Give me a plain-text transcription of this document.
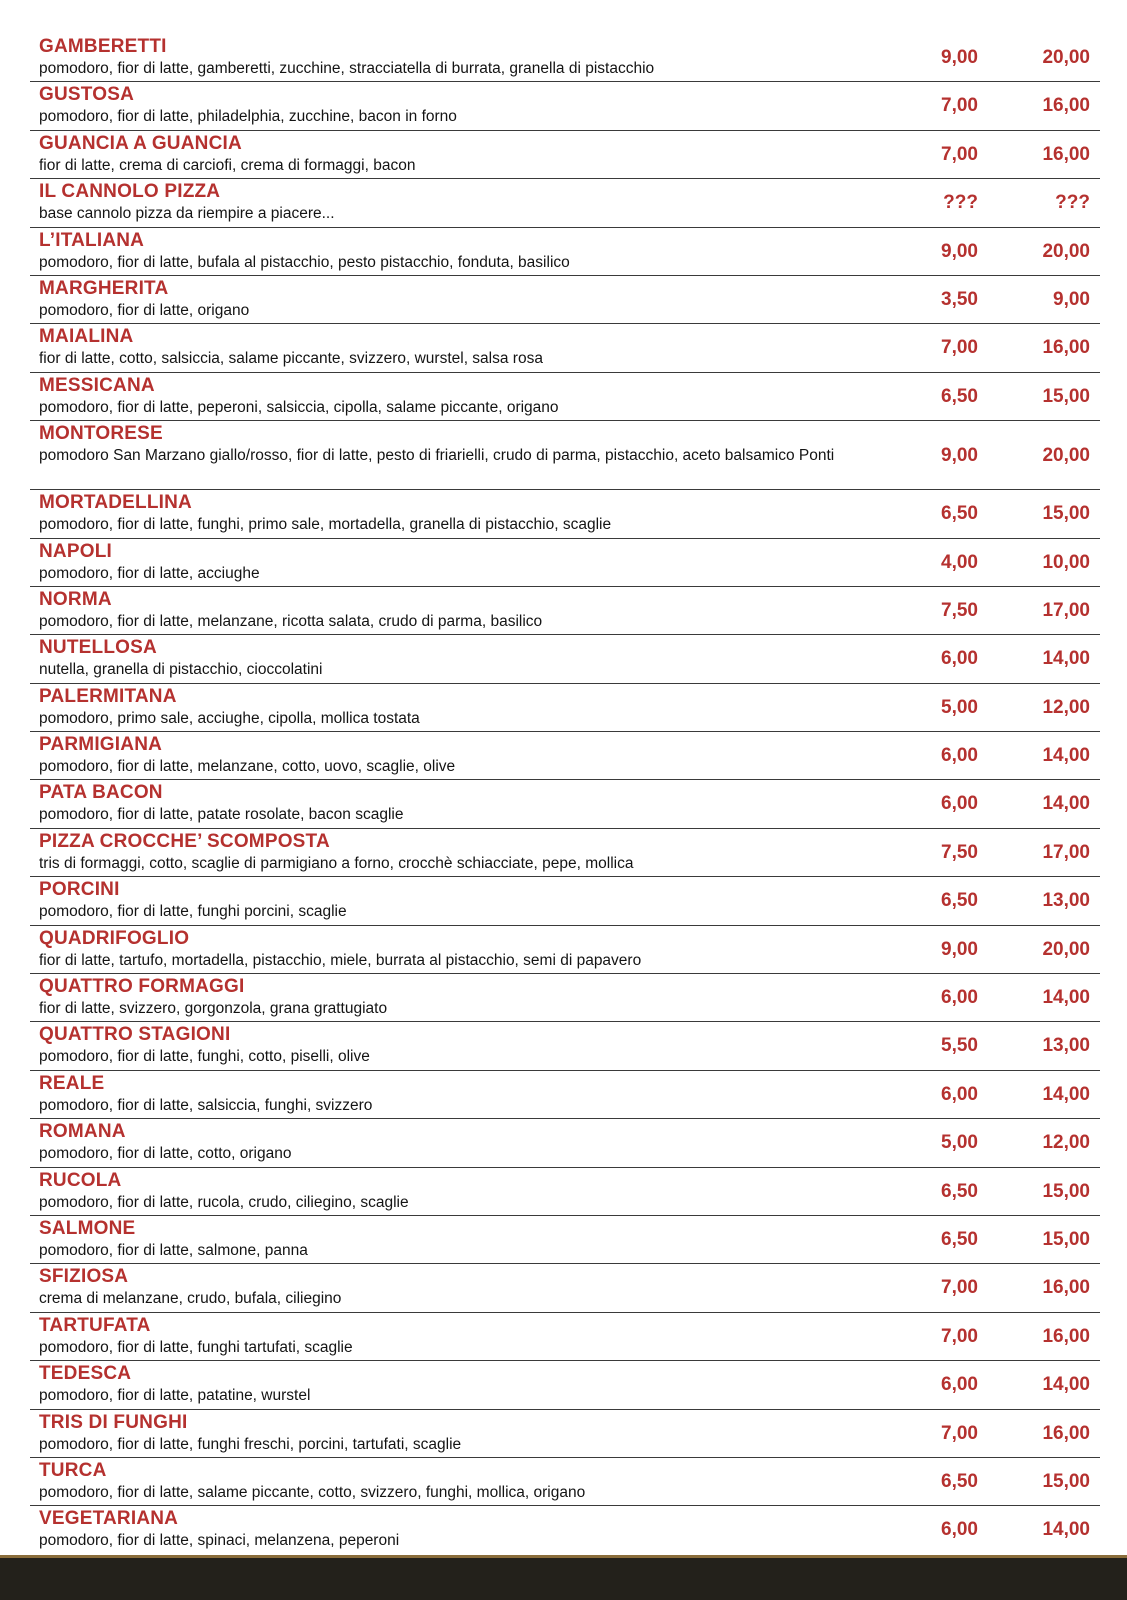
GAMBERETTI
pomodoro, fior di latte, gamberetti, zucchine, stracciatella di burrata, granella di pistacchio
9,00	20,00
GUSTOSA
pomodoro, fior di latte, philadelphia, zucchine, bacon in forno
7,00	16,00
GUANCIA A GUANCIA
fior di latte, crema di carciofi, crema di formaggi, bacon
7,00	16,00
IL CANNOLO PIZZA
base cannolo pizza da riempire a piacere...
???	???
L’ITALIANA
pomodoro, fior di latte, bufala al pistacchio, pesto pistacchio, fonduta, basilico
9,00	20,00
MARGHERITA
pomodoro, fior di latte, origano
3,50	9,00
MAIALINA
fior di latte, cotto, salsiccia, salame piccante, svizzero, wurstel, salsa rosa
7,00	16,00
MESSICANA
pomodoro, fior di latte, peperoni, salsiccia, cipolla, salame piccante, origano
6,50	15,00
MONTORESE
pomodoro San Marzano giallo/rosso, fior di latte, pesto di friarielli, crudo di parma, pistacchio, aceto balsamico Ponti	9,00	20,00
MORTADELLINA
pomodoro, fior di latte, funghi, primo sale, mortadella, granella di pistacchio, scaglie
6,50	15,00
NAPOLI
pomodoro, fior di latte, acciughe
4,00	10,00
NORMA
pomodoro, fior di latte, melanzane, ricotta salata, crudo di parma, basilico
7,50	17,00
NUTELLOSA
nutella, granella di pistacchio, cioccolatini
6,00	14,00
PALERMITANA
pomodoro, primo sale, acciughe, cipolla, mollica tostata
5,00	12,00
PARMIGIANA
pomodoro, fior di latte, melanzane, cotto, uovo, scaglie, olive
6,00	14,00
PATA BACON
pomodoro, fior di latte, patate rosolate, bacon scaglie
6,00	14,00
PIZZA CROCCHE’ SCOMPOSTA
tris di formaggi, cotto, scaglie di parmigiano a forno, crocchè schiacciate, pepe, mollica
7,50	17,00
PORCINI
pomodoro, fior di latte, funghi porcini, scaglie
6,50	13,00
QUADRIFOGLIO
fior di latte, tartufo, mortadella, pistacchio, miele, burrata al pistacchio, semi di papavero
9,00	20,00
QUATTRO FORMAGGI
fior di latte, svizzero, gorgonzola, grana grattugiato
6,00	14,00
QUATTRO STAGIONI
pomodoro, fior di latte, funghi, cotto, piselli, olive
5,50	13,00
REALE
pomodoro, fior di latte, salsiccia, funghi, svizzero
6,00	14,00
ROMANA
pomodoro, fior di latte, cotto, origano
5,00	12,00
RUCOLA
pomodoro, fior di latte, rucola, crudo, ciliegino, scaglie
6,50	15,00
SALMONE
pomodoro, fior di latte, salmone, panna
6,50	15,00
SFIZIOSA
crema di melanzane, crudo, bufala, ciliegino
7,00	16,00
TARTUFATA
pomodoro, fior di latte, funghi tartufati, scaglie
7,00	16,00
TEDESCA
pomodoro, fior di latte, patatine, wurstel
6,00	14,00
TRIS DI FUNGHI
pomodoro, fior di latte, funghi freschi, porcini, tartufati, scaglie
7,00	16,00
TURCA
pomodoro, fior di latte, salame piccante, cotto, svizzero, funghi, mollica, origano
6,50	15,00
VEGETARIANA
pomodoro, fior di latte, spinaci, melanzena, peperoni
6,00	14,00
